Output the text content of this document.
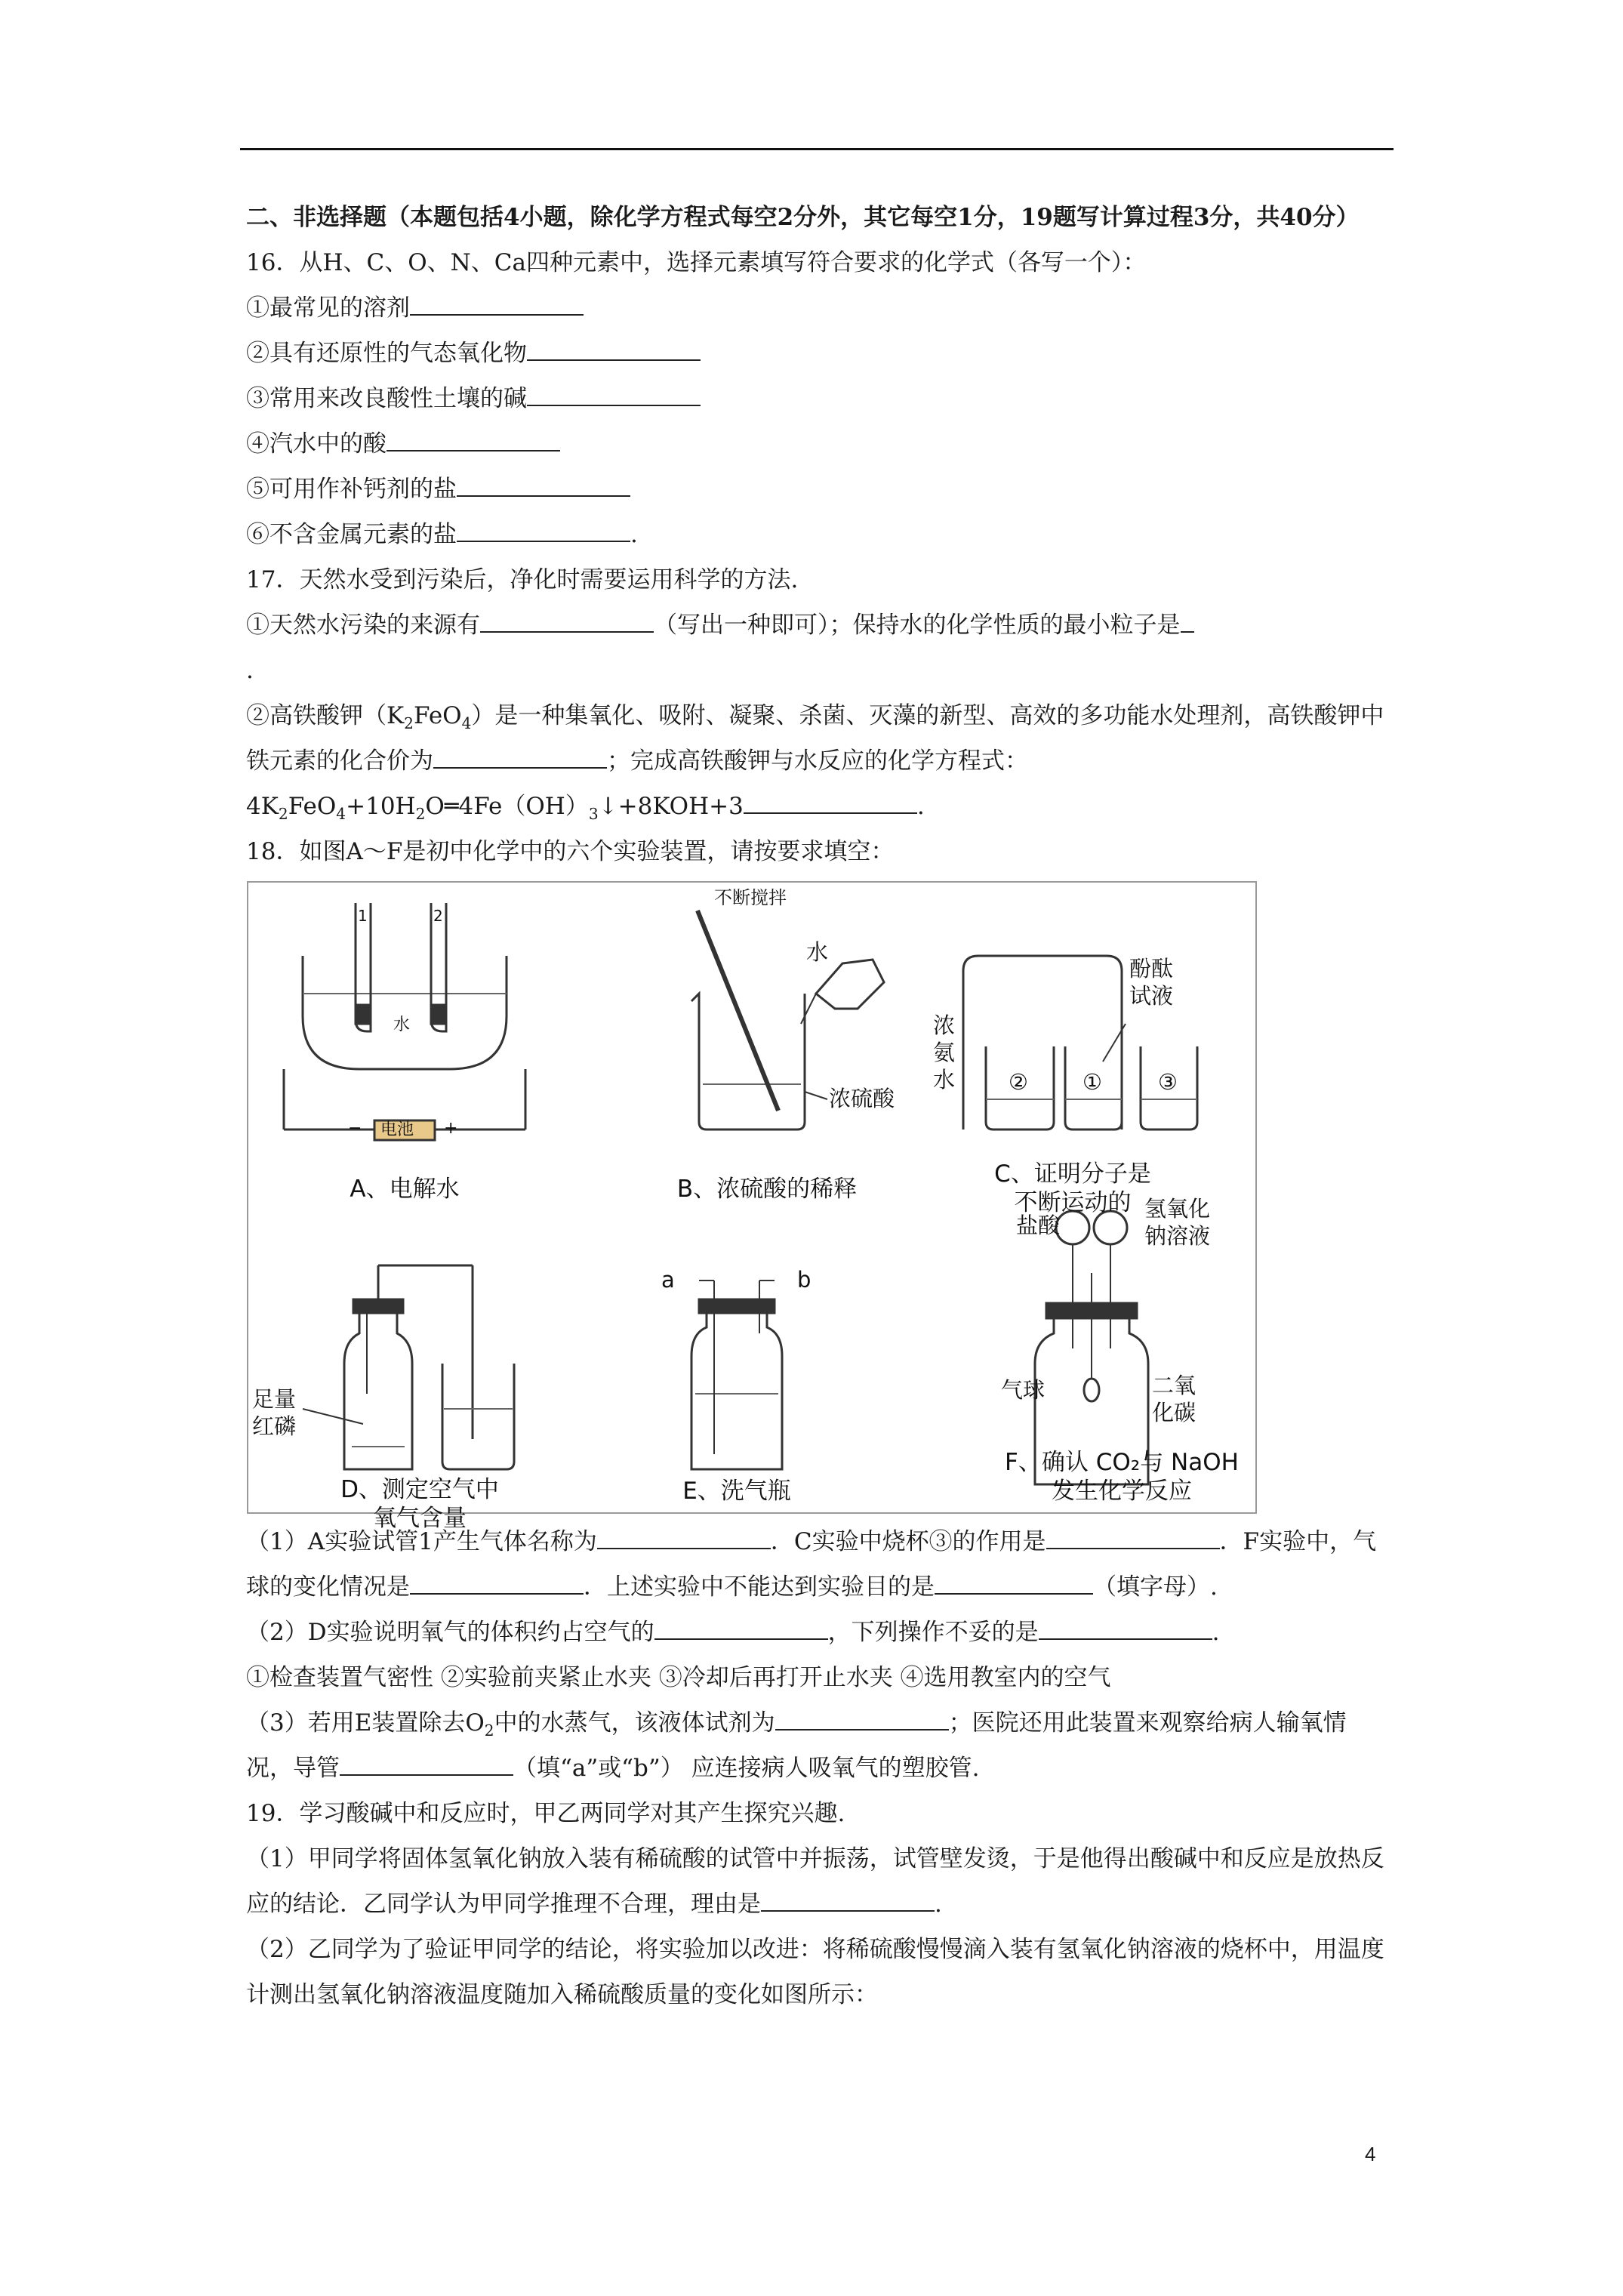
二、非选择题（本题包括4小题，除化学方程式每空2分外，其它每空1分，19题写计算过程3分，共40分）

16．从H、C、O、N、Ca四种元素中，选择元素填写符合要求的化学式（各写一个）：

①最常见的溶剂

②具有还原性的气态氧化物

③常用来改良酸性土壤的碱

④汽水中的酸

⑤可用作补钙剂的盐

⑥不含金属元素的盐	.

17．天然水受到污染后，净化时需要运用科学的方法.

①天然水污染的来源有	（写出一种即可）；保持水的化学性质的最小粒子是
.

②高铁酸钾$(K_2FeO_4)$是一种集氧化、吸附、凝聚、杀菌、灭藻的新型、高效的多功能水处理剂，高铁酸钾中铁元素的化合价为	；完成高铁酸钾与水反应的化学方程式：

$4K_2FeO_4+10H_2O═4Fe(OH)_3↓+8KOH+3$	.

18．如图A～F是初中化学中的六个实验装置，请按要求填空：

1	2
水
电池
−	+
A、电解水
不断搅拌
水
浓硫酸
B、浓硫酸的稀释
酚酞
试液
浓
氨
水 ② ①	③
C、证明分子是
不断运动的
足量
红磷
D、测定空气中
氧气含量
a	b
E、洗气瓶
盐酸
氢氧化
钠溶液
气球	二氧
化碳
F、确认 CO₂与 NaOH
发生化学反应

（1）A实验试管1产生气体名称为	．C实验中烧杯③的作用是	．F实验中，气球的变化情况是	．上述实验中不能达到实验目的是	（填字母）.

（2）D实验说明氧气的体积约占空气的	，下列操作不妥的是	.

①检查装置气密性 ②实验前夹紧止水夹 ③冷却后再打开止水夹 ④选用教室内的空气

（3）若用E装置除去$O_2$中的水蒸气，该液体试剂为	；医院还用此装置来观察给病人输氧情况，导管	（填“a”或“b”） 应连接病人吸氧气的塑胶管.

19．学习酸碱中和反应时，甲乙两同学对其产生探究兴趣.

（1）甲同学将固体氢氧化钠放入装有稀硫酸的试管中并振荡，试管壁发烫，于是他得出酸碱中和反应是放热反应的结论．乙同学认为甲同学推理不合理，理由是	.

（2）乙同学为了验证甲同学的结论，将实验加以改进：将稀硫酸慢慢滴入装有氢氧化钠溶液的烧杯中，用温度计测出氢氧化钠溶液温度随加入稀硫酸质量的变化如图所示：

4
